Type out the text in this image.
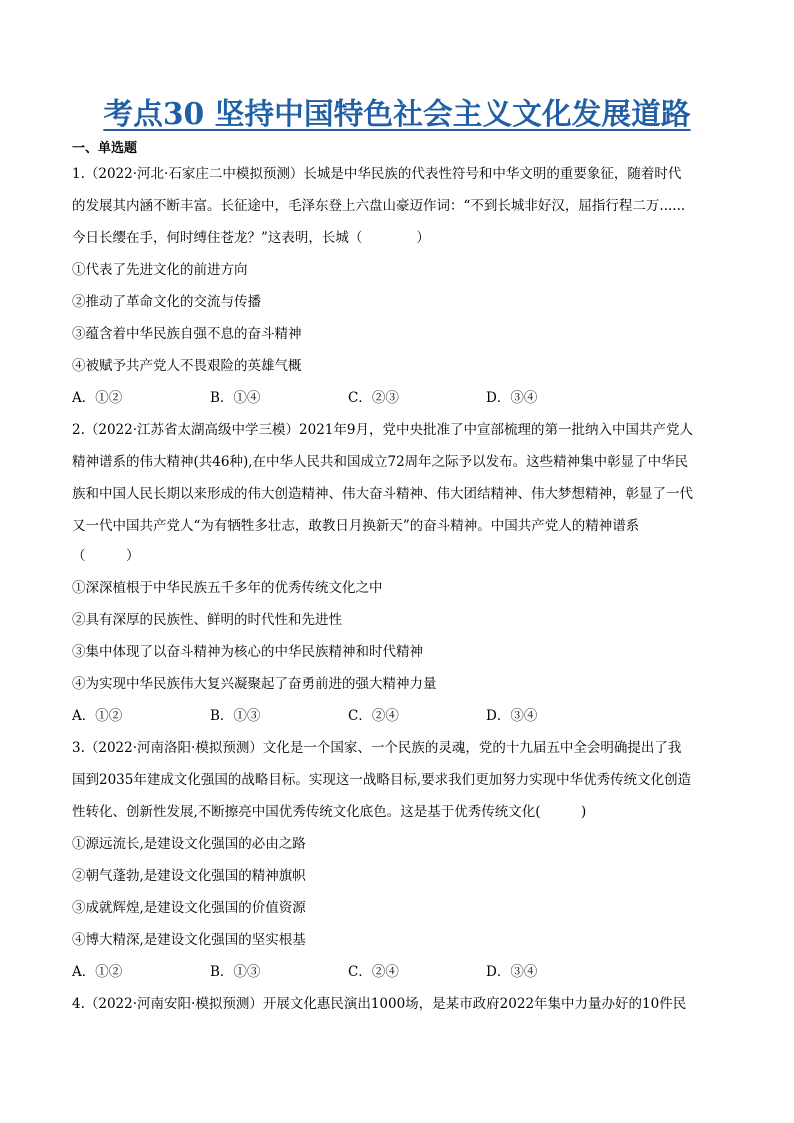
考点30 坚持中国特色社会主义文化发展道路
一、单选题
1.（2022·河北·石家庄二中模拟预测）长城是中华民族的代表性符号和中华文明的重要象征，随着时代
的发展其内涵不断丰富。长征途中，毛泽东登上六盘山豪迈作词：“不到长城非好汉，屈指行程二万......
今日长缨在手，何时缚住苍龙？”这表明，长城（　　　　）
①代表了先进文化的前进方向
②推动了革命文化的交流与传播
③蕴含着中华民族自强不息的奋斗精神
④被赋予共产党人不畏艰险的英雄气概
A．①②	B．①④	C．②③	D．③④
2.（2022·江苏省太湖高级中学三模）2021年9月，党中央批准了中宣部梳理的第一批纳入中国共产党人
精神谱系的伟大精神(共46种),在中华人民共和国成立72周年之际予以发布。这些精神集中彰显了中华民
族和中国人民长期以来形成的伟大创造精神、伟大奋斗精神、伟大团结精神、伟大梦想精神，彰显了一代
又一代中国共产党人“为有牺牲多壮志，敢教日月换新天”的奋斗精神。中国共产党人的精神谱系
（　　　）
①深深植根于中华民族五千多年的优秀传统文化之中
②具有深厚的民族性、鲜明的时代性和先进性
③集中体现了以奋斗精神为核心的中华民族精神和时代精神
④为实现中华民族伟大复兴凝聚起了奋勇前进的强大精神力量
A．①②	B．①③	C．②④	D．③④
3.（2022·河南洛阳·模拟预测）文化是一个国家、一个民族的灵魂，党的十九届五中全会明确提出了我
国到2035年建成文化强国的战略目标。实现这一战略目标,要求我们更加努力实现中华优秀传统文化创造
性转化、创新性发展,不断擦亮中国优秀传统文化底色。这是基于优秀传统文化(　　　)
①源远流长,是建设文化强国的必由之路
②朝气蓬勃,是建设文化强国的精神旗帜
③成就辉煌,是建设文化强国的价值资源
④博大精深,是建设文化强国的坚实根基
A．①②	B．①③	C．②④	D．③④
4.（2022·河南安阳·模拟预测）开展文化惠民演出1000场，是某市政府2022年集中力量办好的10件民
